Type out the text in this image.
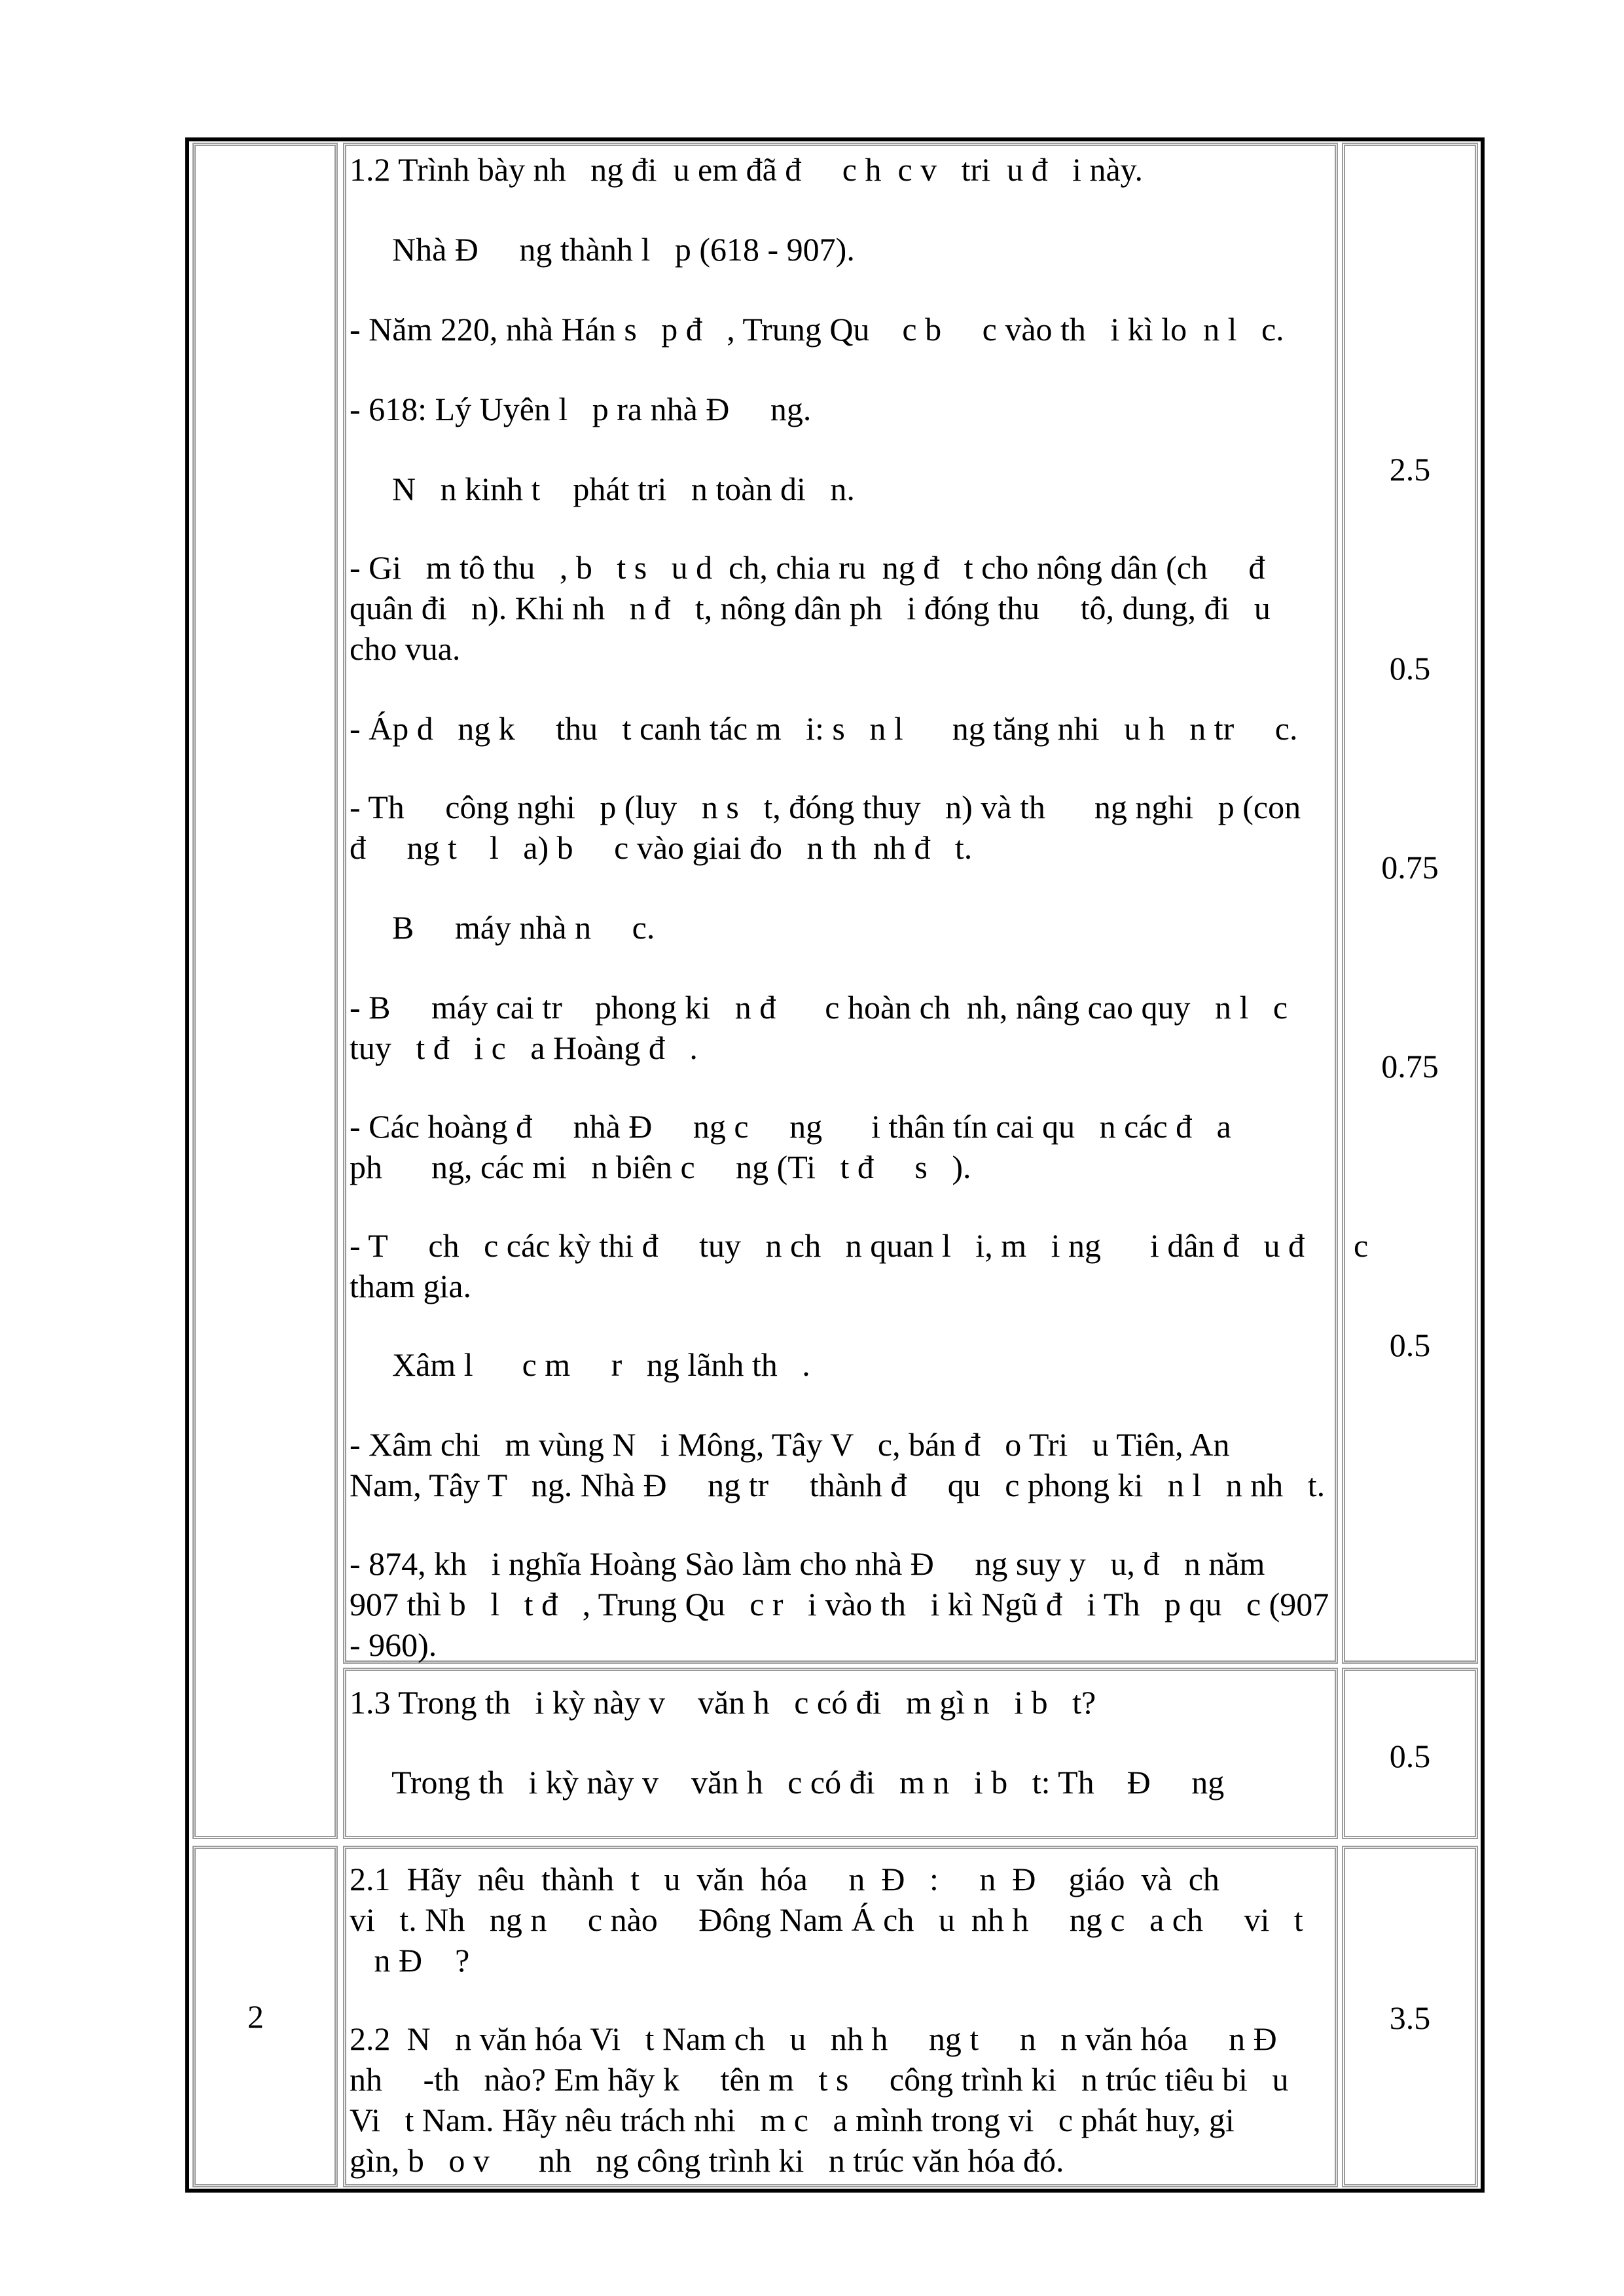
1.2 Trình bày nh   ng đi  u em đã đ     c h  c v   tri  u đ   i này.
  Nhà Đ     ng thành l   p (618 - 907).
- Năm 220, nhà Hán s   p đ   , Trung Qu    c b     c vào th   i kì lo  n l   c.
- 618: Lý Uyên l   p ra nhà Đ     ng.
  N   n kinh t    phát tri   n toàn di   n.
- Gi   m tô thu   , b   t s   u d  ch, chia ru  ng đ   t cho nông dân (ch     đ
quân đi   n). Khi nh   n đ   t, nông dân ph   i đóng thu     tô, dung, đi   u
cho vua.
- Áp d   ng k     thu   t canh tác m   i: s   n l      ng tăng nhi   u h   n tr     c.
- Th     công nghi   p (luy   n s   t, đóng thuy   n) và th      ng nghi   p (con
đ     ng t    l   a) b     c vào giai đo   n th  nh đ   t.
  B     máy nhà n     c.
- B     máy cai tr    phong ki   n đ      c hoàn ch  nh, nâng cao quy   n l   c
tuy   t đ   i c   a Hoàng đ   .
- Các hoàng đ     nhà Đ     ng c     ng      i thân tín cai qu   n các đ   a
ph      ng, các mi   n biên c     ng (Ti   t đ     s   ).
- T     ch   c các kỳ thi đ     tuy   n ch   n quan l   i, m   i ng      i dân đ   u đ      c
tham gia.
  Xâm l      c m     r   ng lãnh th   .
- Xâm chi   m vùng N   i Mông, Tây V   c, bán đ   o Tri   u Tiên, An
Nam, Tây T   ng. Nhà Đ     ng tr     thành đ     qu   c phong ki   n l   n nh   t.
- 874, kh   i nghĩa Hoàng Sào làm cho nhà Đ     ng suy y   u, đ   n năm
907 thì b   l   t đ   , Trung Qu   c r   i vào th   i kì Ngũ đ   i Th   p qu   c (907
- 960).
1.3 Trong th   i kỳ này v    văn h   c có đi   m gì n   i b   t?
  Trong th   i kỳ này v    văn h   c có đi   m n   i b   t: Th    Đ     ng
2.5
0.5
0.75
0.75
0.5
0.5
2
2.1  Hãy  nêu  thành  t   u  văn  hóa     n  Đ   :     n  Đ    giáo  và  ch
vi   t. Nh   ng n     c nào     Đông Nam Á ch   u  nh h     ng c   a ch     vi   t
n Đ    ?
2.2  N   n văn hóa Vi   t Nam ch   u   nh h     ng t     n   n văn hóa     n Đ
nh     -th   nào? Em hãy k     tên m   t s     công trình ki   n trúc tiêu bi   u
Vi   t Nam. Hãy nêu trách nhi   m c   a mình trong vi   c phát huy, gi
gìn, b   o v      nh   ng công trình ki   n trúc văn hóa đó.
3.5
